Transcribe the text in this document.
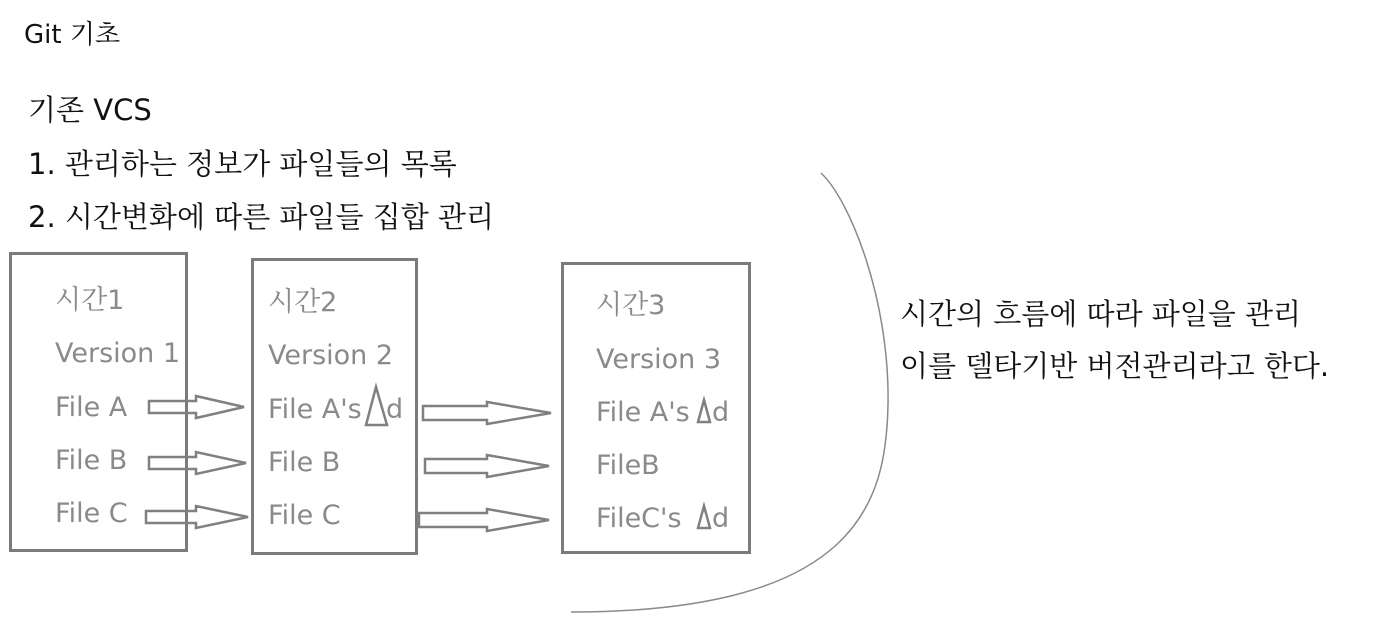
Git 기초
기존 VCS
1. 관리하는 정보가 파일들의 목록
2. 시간변화에 따른 파일들 집합 관리
시간1
Version 1
File A
File B
File C
시간2
Version 2
File A's d
File B
File C
시간3
Version 3
File A's d
FileB
FileC's d
시간의 흐름에 따라 파일을 관리
이를 델타기반 버전관리라고 한다.
